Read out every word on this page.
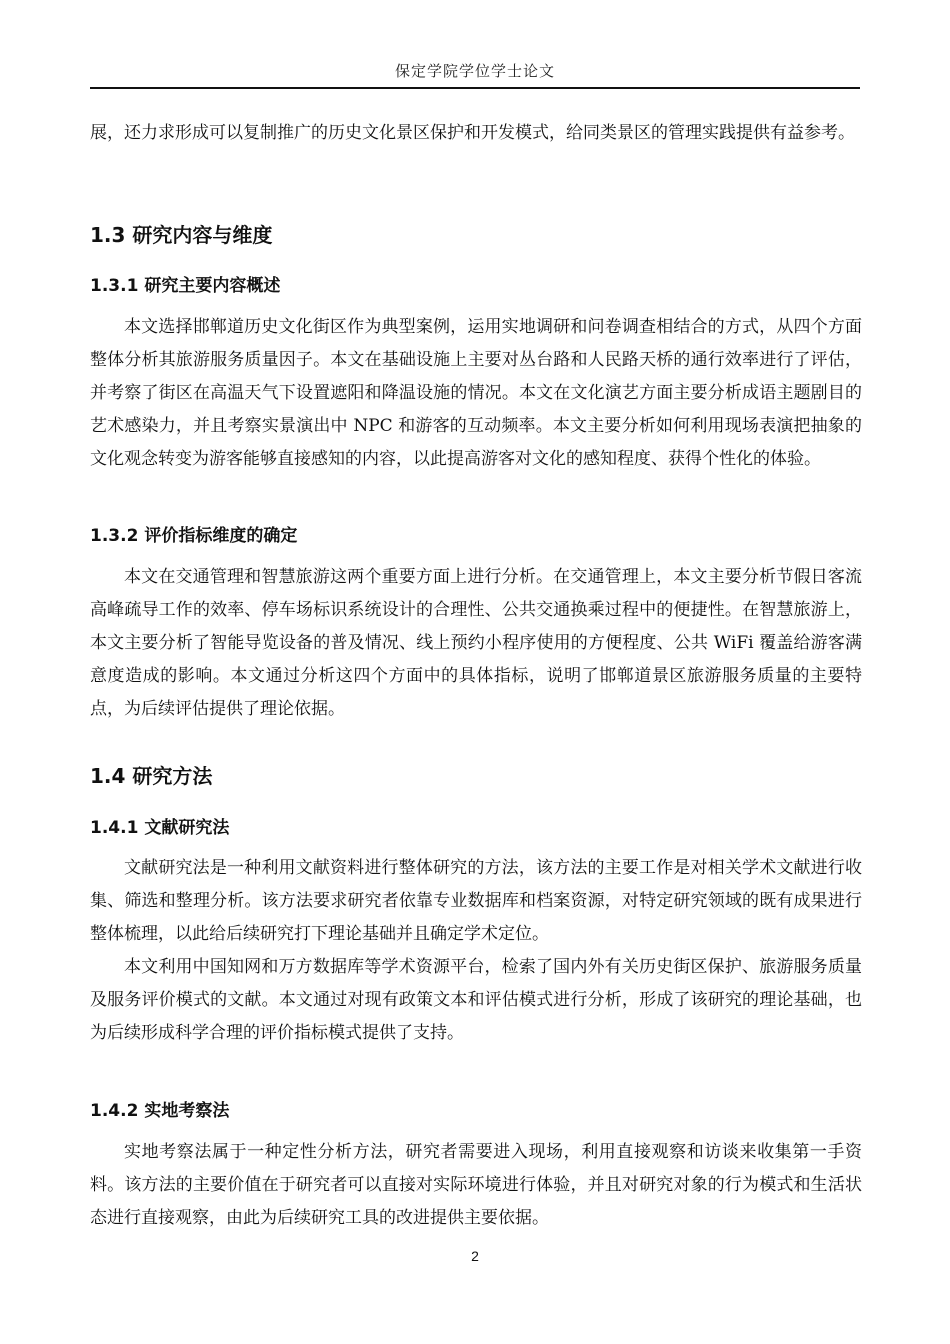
保定学院学位学士论文

展，还力求形成可以复制推广的历史文化景区保护和开发模式，给同类景区的管理实践提供有益参考。

1.3 研究内容与维度
1.3.1 研究主要内容概述

本文选择邯郸道历史文化街区作为典型案例，运用实地调研和问卷调查相结合的方式，从四个方面整体分析其旅游服务质量因子。本文在基础设施上主要对丛台路和人民路天桥的通行效率进行了评估，并考察了街区在高温天气下设置遮阳和降温设施的情况。本文在文化演艺方面主要分析成语主题剧目的艺术感染力，并且考察实景演出中 NPC 和游客的互动频率。本文主要分析如何利用现场表演把抽象的文化观念转变为游客能够直接感知的内容，以此提高游客对文化的感知程度、获得个性化的体验。

1.3.2 评价指标维度的确定

本文在交通管理和智慧旅游这两个重要方面上进行分析。在交通管理上，本文主要分析节假日客流高峰疏导工作的效率、停车场标识系统设计的合理性、公共交通换乘过程中的便捷性。在智慧旅游上，本文主要分析了智能导览设备的普及情况、线上预约小程序使用的方便程度、公共 WiFi 覆盖给游客满意度造成的影响。本文通过分析这四个方面中的具体指标，说明了邯郸道景区旅游服务质量的主要特点，为后续评估提供了理论依据。

1.4 研究方法
1.4.1 文献研究法

文献研究法是一种利用文献资料进行整体研究的方法，该方法的主要工作是对相关学术文献进行收集、筛选和整理分析。该方法要求研究者依靠专业数据库和档案资源，对特定研究领域的既有成果进行整体梳理，以此给后续研究打下理论基础并且确定学术定位。

本文利用中国知网和万方数据库等学术资源平台，检索了国内外有关历史街区保护、旅游服务质量及服务评价模式的文献。本文通过对现有政策文本和评估模式进行分析，形成了该研究的理论基础，也为后续形成科学合理的评价指标模式提供了支持。

1.4.2 实地考察法

实地考察法属于一种定性分析方法，研究者需要进入现场，利用直接观察和访谈来收集第一手资料。该方法的主要价值在于研究者可以直接对实际环境进行体验，并且对研究对象的行为模式和生活状态进行直接观察，由此为后续研究工具的改进提供主要依据。

2
